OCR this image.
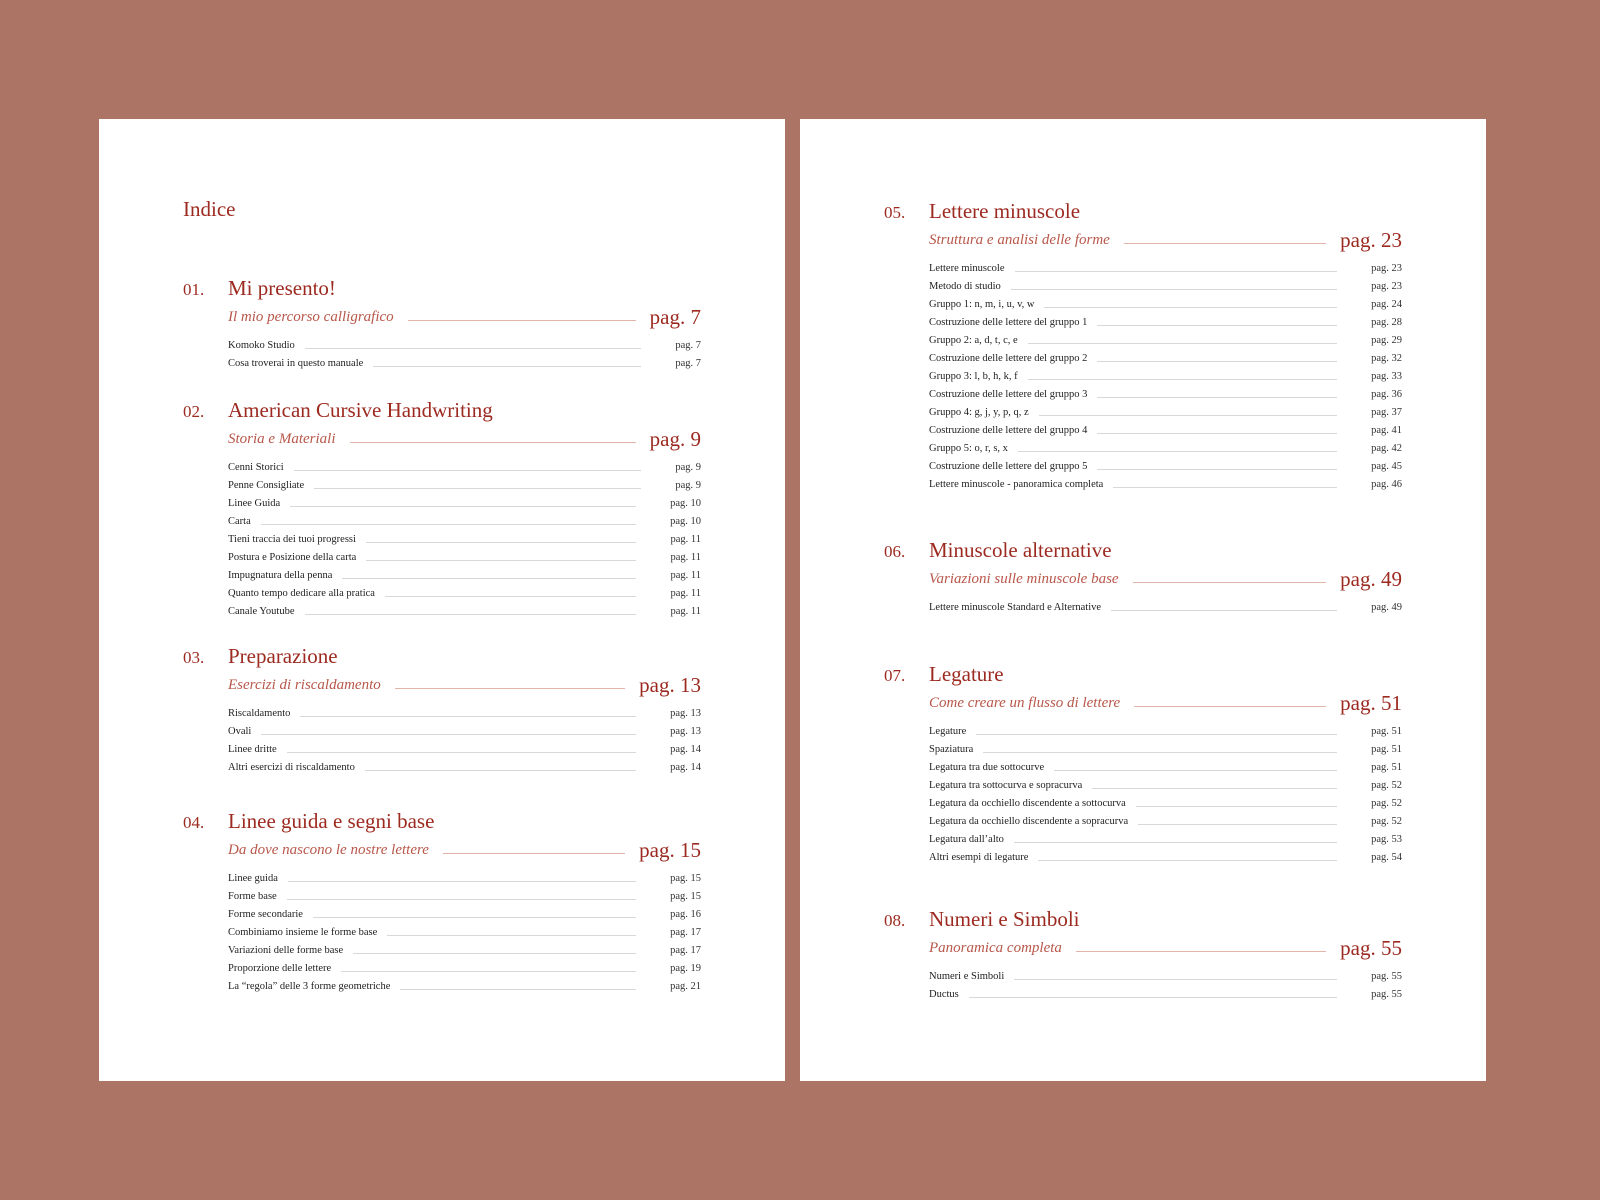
Indice
01. Mi presento!
Il mio percorso calligrafico	pag. 7
Komoko Studio	pag. 7
Cosa troverai in questo manuale	pag. 7
02. American Cursive Handwriting
Storia e Materiali	pag. 9
Cenni Storici	pag. 9
Penne Consigliate	pag. 9
Linee Guida	pag. 10
Carta	pag. 10
Tieni traccia dei tuoi progressi	pag. 11
Postura e Posizione della carta	pag. 11
Impugnatura della penna	pag. 11
Quanto tempo dedicare alla pratica	pag. 11
Canale Youtube	pag. 11
03. Preparazione
Esercizi di riscaldamento	pag. 13
Riscaldamento	pag. 13
Ovali	pag. 13
Linee dritte	pag. 14
Altri esercizi di riscaldamento	pag. 14
04. Linee guida e segni base
Da dove nascono le nostre lettere	pag. 15
Linee guida	pag. 15
Forme base	pag. 15
Forme secondarie	pag. 16
Combiniamo insieme le forme base	pag. 17
Variazioni delle forme base	pag. 17
Proporzione delle lettere	pag. 19
La “regola” delle 3 forme geometriche	pag. 21
05. Lettere minuscole
Struttura e analisi delle forme	pag. 23
Lettere minuscole	pag. 23
Metodo di studio	pag. 23
Gruppo 1: n, m, i, u, v, w	pag. 24
Costruzione delle lettere del gruppo 1	pag. 28
Gruppo 2: a, d, t, c, e	pag. 29
Costruzione delle lettere del gruppo 2	pag. 32
Gruppo 3: l, b, h, k, f	pag. 33
Costruzione delle lettere del gruppo 3	pag. 36
Gruppo 4: g, j, y, p, q, z	pag. 37
Costruzione delle lettere del gruppo 4	pag. 41
Gruppo 5: o, r, s, x	pag. 42
Costruzione delle lettere del gruppo 5	pag. 45
Lettere minuscole - panoramica completa	pag. 46
06. Minuscole alternative
Variazioni sulle minuscole base	pag. 49
Lettere minuscole Standard e Alternative	pag. 49
07. Legature
Come creare un flusso di lettere	pag. 51
Legature	pag. 51
Spaziatura	pag. 51
Legatura tra due sottocurve	pag. 51
Legatura tra sottocurva e sopracurva	pag. 52
Legatura da occhiello discendente a sottocurva	pag. 52
Legatura da occhiello discendente a sopracurva	pag. 52
Legatura dall’alto	pag. 53
Altri esempi di legature	pag. 54
08. Numeri e Simboli
Panoramica completa	pag. 55
Numeri e Simboli	pag. 55
Ductus	pag. 55
